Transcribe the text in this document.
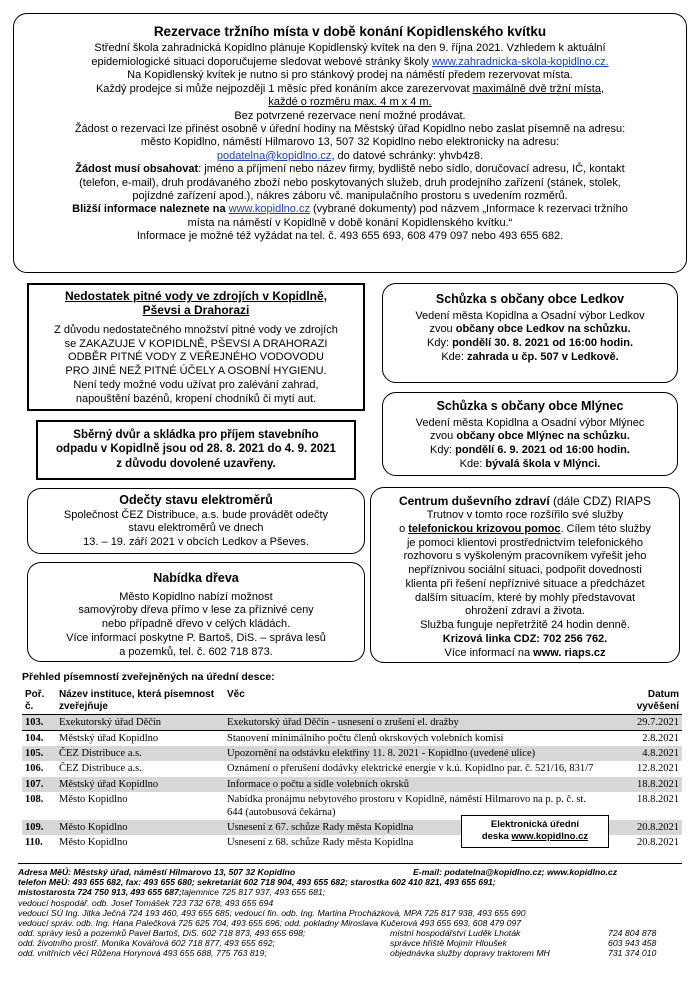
Rezervace tržního místa v době konání Kopidlenského kvítku
Střední škola zahradnická Kopidlno plánuje Kopidlenský kvítek na den 9. října 2021. Vzhledem k aktuální
epidemiologické situaci doporučujeme sledovat webové stránky školy www.zahradnicka-skola-kopidlno.cz.
Na Kopidlenský kvítek je nutno si pro stánkový prodej na náměstí předem rezervovat místa.
Každý prodejce si může nejpozději 1 měsíc před konáním akce zarezervovat maximálně dvě tržní místa,
každé o rozměru max. 4 m x 4 m.
Bez potvrzené rezervace není možné prodávat.
Žádost o rezervaci lze přinést osobně v úřední hodiny na Městský úřad Kopidlno nebo zaslat písemně na adresu:
město Kopidlno, náměstí Hilmarovo 13, 507 32 Kopidlno nebo elektronicky na adresu:
podatelna@kopidlno.cz, do datové schránky: yhvb4z8.
Žádost musí obsahovat: jméno a příjmení nebo název firmy, bydliště nebo sídlo, doručovací adresu, IČ, kontakt
(telefon, e-mail), druh prodávaného zboží nebo poskytovaných služeb, druh prodejního zařízení (stánek, stolek,
pojízdné zařízení apod.), nákres záboru vč. manipulačního prostoru s uvedením rozměrů.
Bližší informace naleznete na www.kopidlno.cz (vybrané dokumenty) pod názvem „Informace k rezervaci tržního
místa na náměstí v Kopidlně v době konání Kopidlenského kvítku.“
Informace je možné též vyžádat na tel. č. 493 655 693, 608 479 097 nebo 493 655 682.
Nedostatek pitné vody ve zdrojích v Kopidlně,
Pševsi a Drahorazi
Z důvodu nedostatečného množství pitné vody ve zdrojích
se ZAKAZUJE V KOPIDLNĚ, PŠEVSI A DRAHORAZI
ODBĚR PITNÉ VODY Z VEŘEJNÉHO VODOVODU
PRO JINÉ NEŽ PITNÉ ÚČELY A OSOBNÍ HYGIENU.
Není tedy možné vodu užívat pro zalévání zahrad,
napouštění bazénů, kropení chodníků či mytí aut.
Sběrný dvůr a skládka pro příjem stavebního
odpadu v Kopidlně jsou od 28. 8. 2021 do 4. 9. 2021
z důvodu dovolené uzavřeny.
Odečty stavu elektroměrů
Společnost ČEZ Distribuce, a.s. bude provádět odečty
stavu elektroměrů ve dnech
13. – 19. září 2021 v obcích Ledkov a Pševes.
Nabídka dřeva
Město Kopidlno nabízí možnost
samovýroby dřeva přímo v lese za příznivé ceny
nebo případně dřevo v celých kládách.
Více informací poskytne P. Bartoš, DiS. – správa lesů
a pozemků, tel. č. 602 718 873.
Schůzka s občany obce Ledkov
Vedení města Kopidlna a Osadní výbor Ledkov
zvou občany obce Ledkov na schůzku.
Kdy: pondělí 30. 8. 2021 od 16:00 hodin.
Kde: zahrada u čp. 507 v Ledkově.
Schůzka s občany obce Mlýnec
Vedení města Kopidlna a Osadní výbor Mlýnec
zvou občany obce Mlýnec na schůzku.
Kdy: pondělí 6. 9. 2021 od 16:00 hodin.
Kde: bývalá škola v Mlýnci.
Centrum duševního zdraví (dále CDZ) RIAPS
Trutnov v tomto roce rozšířilo své služby
o telefonickou krizovou pomoc. Cílem této služby
je pomoci klientovi prostřednictvím telefonického
rozhovoru s vyškoleným pracovníkem vyřešit jeho
nepříznivou sociální situaci, podpořit dovednosti
klienta při řešení nepříznivé situace a předcházet
dalším situacím, které by mohly představovat
ohrožení zdraví a života.
Služba funguje nepřetržitě 24 hodin denně.
Krizová linka CDZ: 702 256 762.
Více informací na www. riaps.cz
Přehled písemností zveřejněných na úřední desce:
Poř. č.	Název instituce, která písemnost zveřejňuje	Věc	Datum vyvěšení
103.	Exekutorský úřad Děčín	Exekutorský úřad Děčín - usnesení o zrušení el. dražby	29.7.2021
104.	Městský úřad Kopidlno	Stanovení minimálního počtu členů okrskových volebních komisí	2.8.2021
105.	ČEZ Distribuce a.s.	Upozornění na odstávku elektřiny 11. 8. 2021 - Kopidlno (uvedené ulice)	4.8.2021
106.	ČEZ Distribuce a.s.	Oznámení o přerušení dodávky elektrické energie v k.ú. Kopidlno par. č. 521/16, 831/7	12.8.2021
107.	Městský úřad Kopidlno	Informace o počtu a sídle volebních okrsků	18.8.2021
108.	Město Kopidlno	Nabídka pronájmu nebytového prostoru v Kopidlně, náměstí Hilmarovo na p. p. č. st. 644 (autobusová čekárna)	18.8.2021
109.	Město Kopidlno	Usnesení z 67. schůze Rady města Kopidlna	20.8.2021
110.	Město Kopidlno	Usnesení z 68. schůze Rady města Kopidlna	20.8.2021
Elektronická úřední
deska www.kopidlno.cz
Adresa MěÚ: Městský úřad, náměstí Hilmarovo 13, 507 32 Kopidlno	E-mail: podatelna@kopidlno.cz; www.kopidlno.cz
telefon MěÚ: 493 655 682, fax: 493 655 680; sekretariát 602 718 904, 493 655 682; starostka 602 410 821, 493 655 691;
místostarosta 724 750 913, 493 655 687; tajemnice 725 817 937, 493 655 681;
vedoucí hospodář. odb. Josef Tomášek 723 732 678, 493 655 694
vedoucí SÚ Ing. Jitka Ječná 724 193 460, 493 655 685; vedoucí fin. odb. Ing. Martina Procházková, MPA 725 817 938, 493 655 690
vedoucí správ. odb. Ing. Hana Palečková 725 625 704, 493 655 696; odd. pokladny Miroslava Kučerová 493 655 693, 608 479 097
odd. správy lesů a pozemků Pavel Bartoš, DiS. 602 718 873, 493 655 698;	místní hospodářství Luděk Lhoták	724 804 878
odd. životního prostř. Monika Kovářová 602 718 877, 493 655 692;	správce hřiště Mojmír Hloušek	603 943 458
odd. vnitřních věcí Růžena Horynová 493 655 688, 775 763 819;	objednávka služby dopravy traktorem MH	731 374 010
